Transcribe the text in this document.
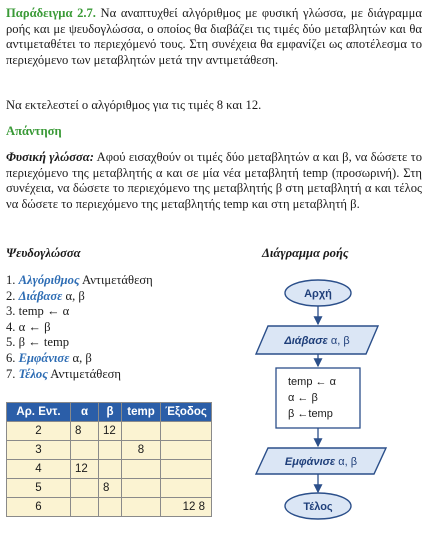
Παράδειγμα 2.7. Να αναπτυχθεί αλγόριθμος με φυσική γλώσσα, με διάγραμμα ροής και με ψευδογλώσσα, ο οποίος θα διαβάζει τις τιμές δύο μεταβλητών και θα αντιμεταθέτει το περιεχόμενό τους. Στη συνέχεια θα εμφανίζει ως αποτέλεσμα το περιεχόμενο των μεταβλητών μετά την αντιμετάθεση.

Να εκτελεστεί ο αλγόριθμος για τις τιμές 8 και 12.

Απάντηση

Φυσική γλώσσα: Αφού εισαχθούν οι τιμές δύο μεταβλητών α και β, να δώσετε το περιεχόμενο της μεταβλητής α και σε μία νέα μεταβλητή temp (προσωρινή). Στη συνέχεια, να δώσετε το περιεχόμενο της μεταβλητής β στη μεταβλητή α και τέλος να δώσετε το περιεχόμενο της μεταβλητής temp και στη μεταβλητή β.

Ψευδογλώσσα	Διάγραμμα ροής
1. Αλγόριθμος Αντιμετάθεση
2. Διάβασε α, β
3. temp ← α
4. α ← β
5. β ← temp
6. Εμφάνισε α, β
7. Τέλος Αντιμετάθεση
Αρ. Εντ.	α	β	temp	Έξοδος
2	8	12		
3			8	
4	12			
5		8		
6				12 8
Αρχή
Διάβασε α, β
temp ← α
α ← β
β ←temp
Εμφάνισε α, β
Τέλος
